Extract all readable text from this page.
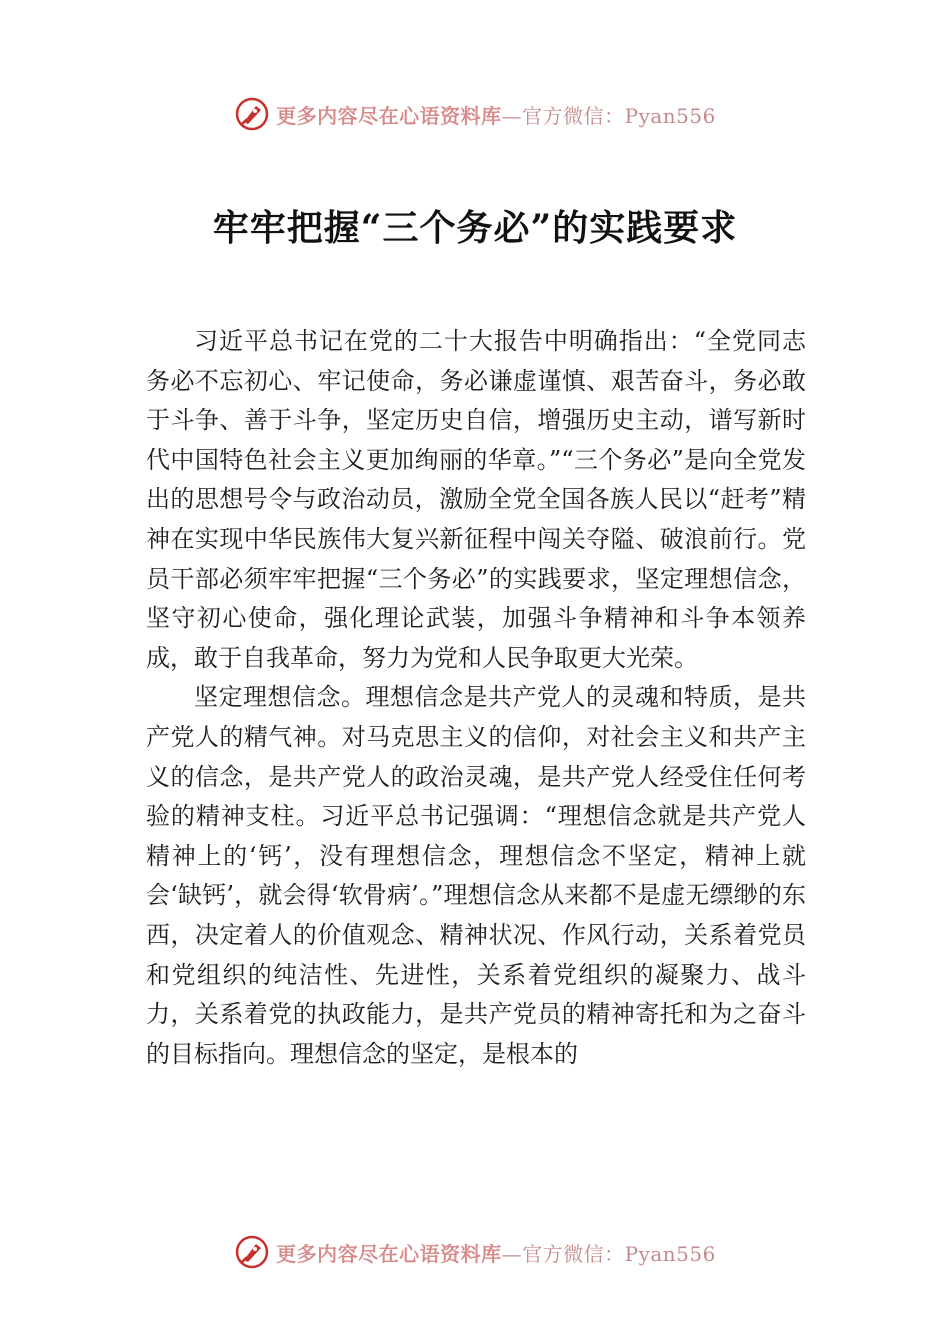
更多内容尽在心语资料库—官方微信：Pyan556
牢牢把握“三个务必”的实践要求

习近平总书记在党的二十大报告中明确指出：“全党同志务必不忘初心、牢记使命，务必谦虚谨慎、艰苦奋斗，务必敢于斗争、善于斗争，坚定历史自信，增强历史主动，谱写新时代中国特色社会主义更加绚丽的华章。”“三个务必”是向全党发出的思想号令与政治动员，激励全党全国各族人民以“赶考”精神在实现中华民族伟大复兴新征程中闯关夺隘、破浪前行。党员干部必须牢牢把握“三个务必”的实践要求，坚定理想信念，坚守初心使命，强化理论武装，加强斗争精神和斗争本领养成，敢于自我革命，努力为党和人民争取更大光荣。

坚定理想信念。理想信念是共产党人的灵魂和特质，是共产党人的精气神。对马克思主义的信仰，对社会主义和共产主义的信念，是共产党人的政治灵魂，是共产党人经受住任何考验的精神支柱。习近平总书记强调：“理想信念就是共产党人精神上的‘钙’，没有理想信念，理想信念不坚定，精神上就会‘缺钙’，就会得‘软骨病’。”理想信念从来都不是虚无缥缈的东西，决定着人的价值观念、精神状况、作风行动，关系着党员和党组织的纯洁性、先进性，关系着党组织的凝聚力、战斗力，关系着党的执政能力，是共产党员的精神寄托和为之奋斗的目标指向。理想信念的坚定，是根本的

更多内容尽在心语资料库—官方微信：Pyan556
